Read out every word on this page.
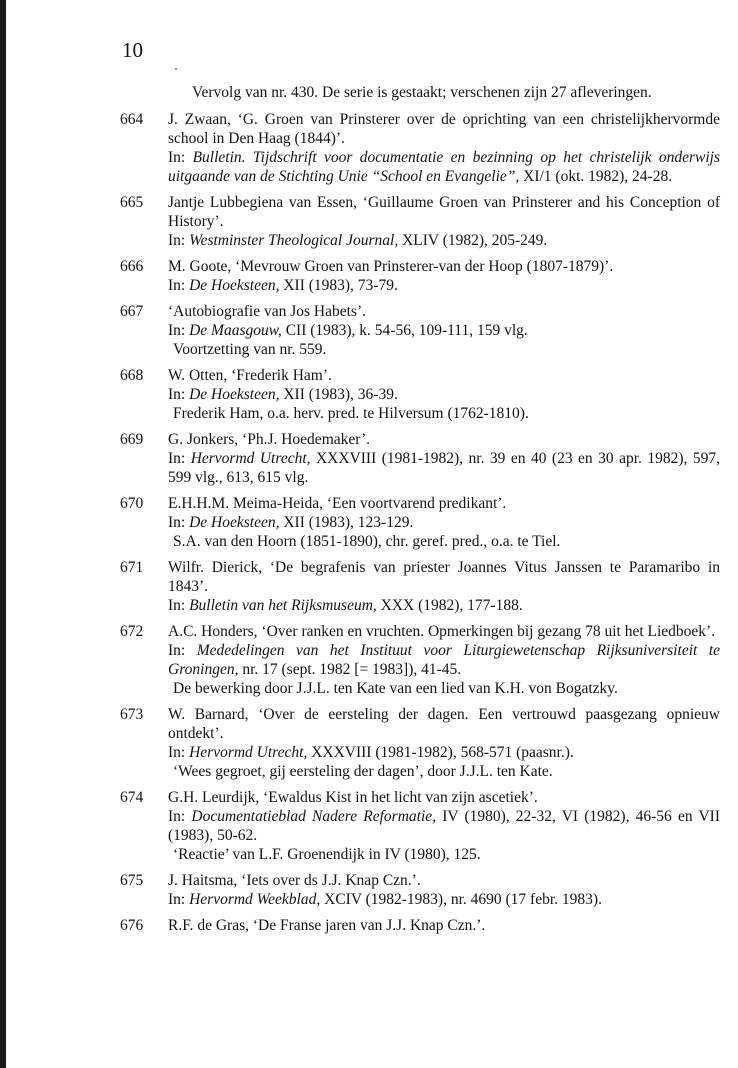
10
Vervolg van nr. 430. De serie is gestaakt; verschenen zijn 27 afleveringen.
664	J. Zwaan, ‘G. Groen van Prinsterer over de oprichting van een christelijkhervormde school in Den Haag (1844)’.
In: Bulletin. Tijdschrift voor documentatie en bezinning op het christelijk onderwijs uitgaande van de Stichting Unie “School en Evangelie”, XI/1 (okt. 1982), 24-28.
665	Jantje Lubbegiena van Essen, ‘Guillaume Groen van Prinsterer and his Conception of History’.
In: Westminster Theological Journal, XLIV (1982), 205-249.
666	M. Goote, ‘Mevrouw Groen van Prinsterer-van der Hoop (1807-1879)’.
In: De Hoeksteen, XII (1983), 73-79.
667	‘Autobiografie van Jos Habets’.
In: De Maasgouw, CII (1983), k. 54-56, 109-111, 159 vlg.
Voortzetting van nr. 559.
668	W. Otten, ‘Frederik Ham’.
In: De Hoeksteen, XII (1983), 36-39.
Frederik Ham, o.a. herv. pred. te Hilversum (1762-1810).
669	G. Jonkers, ‘Ph.J. Hoedemaker’.
In: Hervormd Utrecht, XXXVIII (1981-1982), nr. 39 en 40 (23 en 30 apr. 1982), 597, 599 vlg., 613, 615 vlg.
670	E.H.H.M. Meima-Heida, ‘Een voortvarend predikant’.
In: De Hoeksteen, XII (1983), 123-129.
S.A. van den Hoorn (1851-1890), chr. geref. pred., o.a. te Tiel.
671	Wilfr. Dierick, ‘De begrafenis van priester Joannes Vitus Janssen te Paramaribo in 1843’.
In: Bulletin van het Rijksmuseum, XXX (1982), 177-188.
672	A.C. Honders, ‘Over ranken en vruchten. Opmerkingen bij gezang 78 uit het Liedboek’.
In: Mededelingen van het Instituut voor Liturgiewetenschap Rijksuniversiteit te Groningen, nr. 17 (sept. 1982 [= 1983]), 41-45.
De bewerking door J.J.L. ten Kate van een lied van K.H. von Bogatzky.
673	W. Barnard, ‘Over de eersteling der dagen. Een vertrouwd paasgezang opnieuw ontdekt’.
In: Hervormd Utrecht, XXXVIII (1981-1982), 568-571 (paasnr.).
‘Wees gegroet, gij eersteling der dagen’, door J.J.L. ten Kate.
674	G.H. Leurdijk, ‘Ewaldus Kist in het licht van zijn ascetiek’.
In: Documentatieblad Nadere Reformatie, IV (1980), 22-32, VI (1982), 46-56 en VII (1983), 50-62.
‘Reactie’ van L.F. Groenendijk in IV (1980), 125.
675	J. Haitsma, ‘Iets over ds J.J. Knap Czn.’.
In: Hervormd Weekblad, XCIV (1982-1983), nr. 4690 (17 febr. 1983).
676	R.F. de Gras, ‘De Franse jaren van J.J. Knap Czn.’.
